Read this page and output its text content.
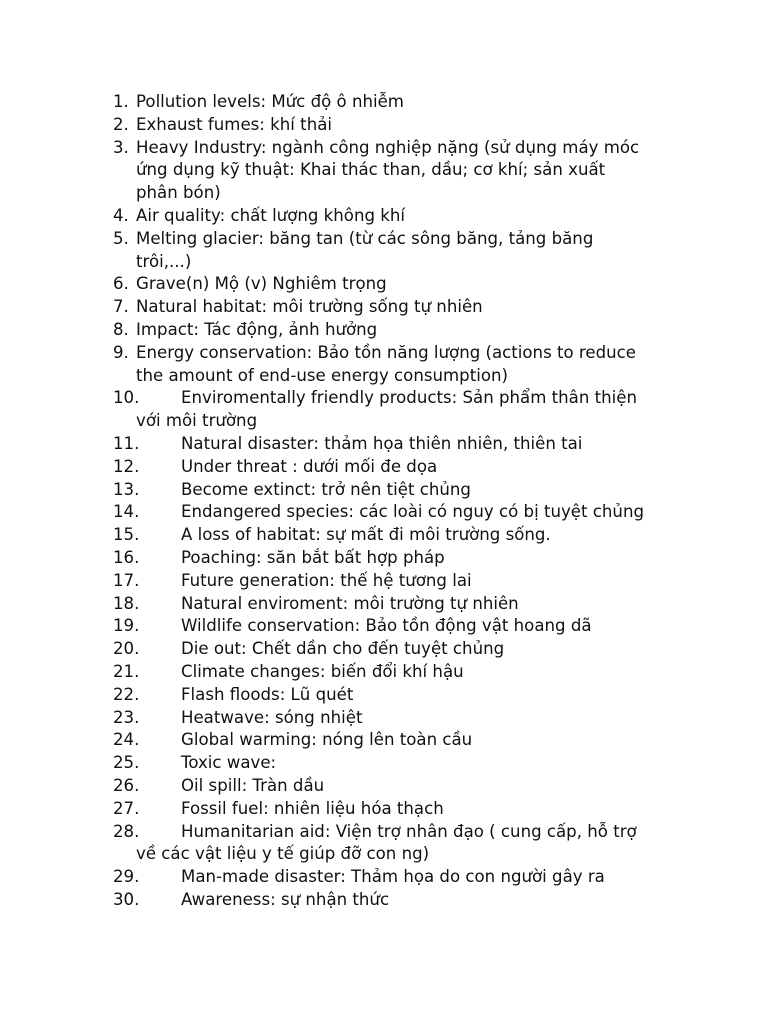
1. Pollution levels: Mức độ ô nhiễm
2. Exhaust fumes: khí thải
3. Heavy Industry: ngành công nghiệp nặng (sử dụng máy móc
ứng dụng kỹ thuật: Khai thác than, dầu; cơ khí; sản xuất
phân bón)
4. Air quality: chất lượng không khí
5. Melting glacier: băng tan (từ các sông băng, tảng băng
trôi,...)
6. Grave(n) Mộ (v) Nghiêm trọng
7. Natural habitat: môi trường sống tự nhiên
8. Impact: Tác động, ảnh hưởng
9. Energy conservation: Bảo tồn năng lượng (actions to reduce
the amount of end-use energy consumption)
10.	Enviromentally friendly products: Sản phẩm thân thiện
với môi trường
11.	Natural disaster: thảm họa thiên nhiên, thiên tai
12.	Under threat : dưới mối đe dọa
13.	Become extinct: trở nên tiệt chủng
14.	Endangered species: các loài có nguy có bị tuyệt chủng
15.	A loss of habitat: sự mất đi môi trường sống.
16.	Poaching: săn bắt bất hợp pháp
17.	Future generation: thế hệ tương lai
18.	Natural enviroment: môi trường tự nhiên
19.	Wildlife conservation: Bảo tồn động vật hoang dã
20.	Die out: Chết dần cho đến tuyệt chủng
21.	Climate changes: biến đổi khí hậu
22.	Flash floods: Lũ quét
23.	Heatwave: sóng nhiệt
24.	Global warming: nóng lên toàn cầu
25.	Toxic wave:
26.	Oil spill: Tràn dầu
27.	Fossil fuel: nhiên liệu hóa thạch
28.	Humanitarian aid: Viện trợ nhân đạo ( cung cấp, hỗ trợ
về các vật liệu y tế giúp đỡ con ng)
29.	Man-made disaster: Thảm họa do con người gây ra
30.	Awareness: sự nhận thức
